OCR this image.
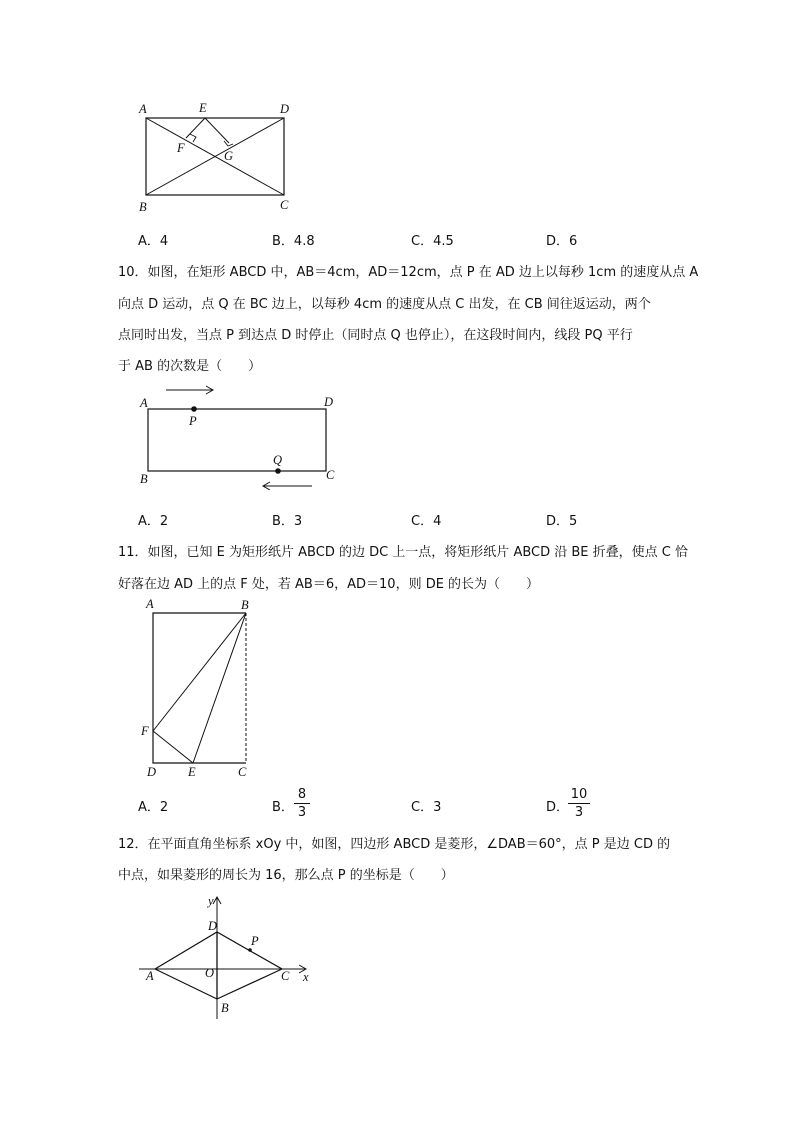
A	E	D
F
G
B	C
A．4	B．4.8	C．4.5	D．6
10．如图，在矩形 ABCD 中，AB＝4cm，AD＝12cm，点 P 在 AD 边上以每秒 1cm 的速度从点 A
向点 D 运动，点 Q 在 BC 边上，以每秒 4cm 的速度从点 C 出发，在 CB 间往返运动，两个
点同时出发，当点 P 到达点 D 时停止（同时点 Q 也停止），在这段时间内，线段 PQ 平行
于 AB 的次数是（　　）
A	D
P
Q
B	C
A．2	B．3	C．4	D．5
11．如图，已知 E 为矩形纸片 ABCD 的边 DC 上一点，将矩形纸片 ABCD 沿 BE 折叠，使点 C 恰
好落在边 AD 上的点 F 处，若 AB＝6，AD＝10，则 DE 的长为（　　）
A	B
F
D	E	C
A．2	B．
8
3	C．3	D．
10
3
12．在平面直角坐标系 xOy 中，如图，四边形 ABCD 是菱形，∠DAB＝60°，点 P 是边 CD 的
中点，如果菱形的周长为 16，那么点 P 的坐标是（　　）
y
x
D
P
A	O	C
B
